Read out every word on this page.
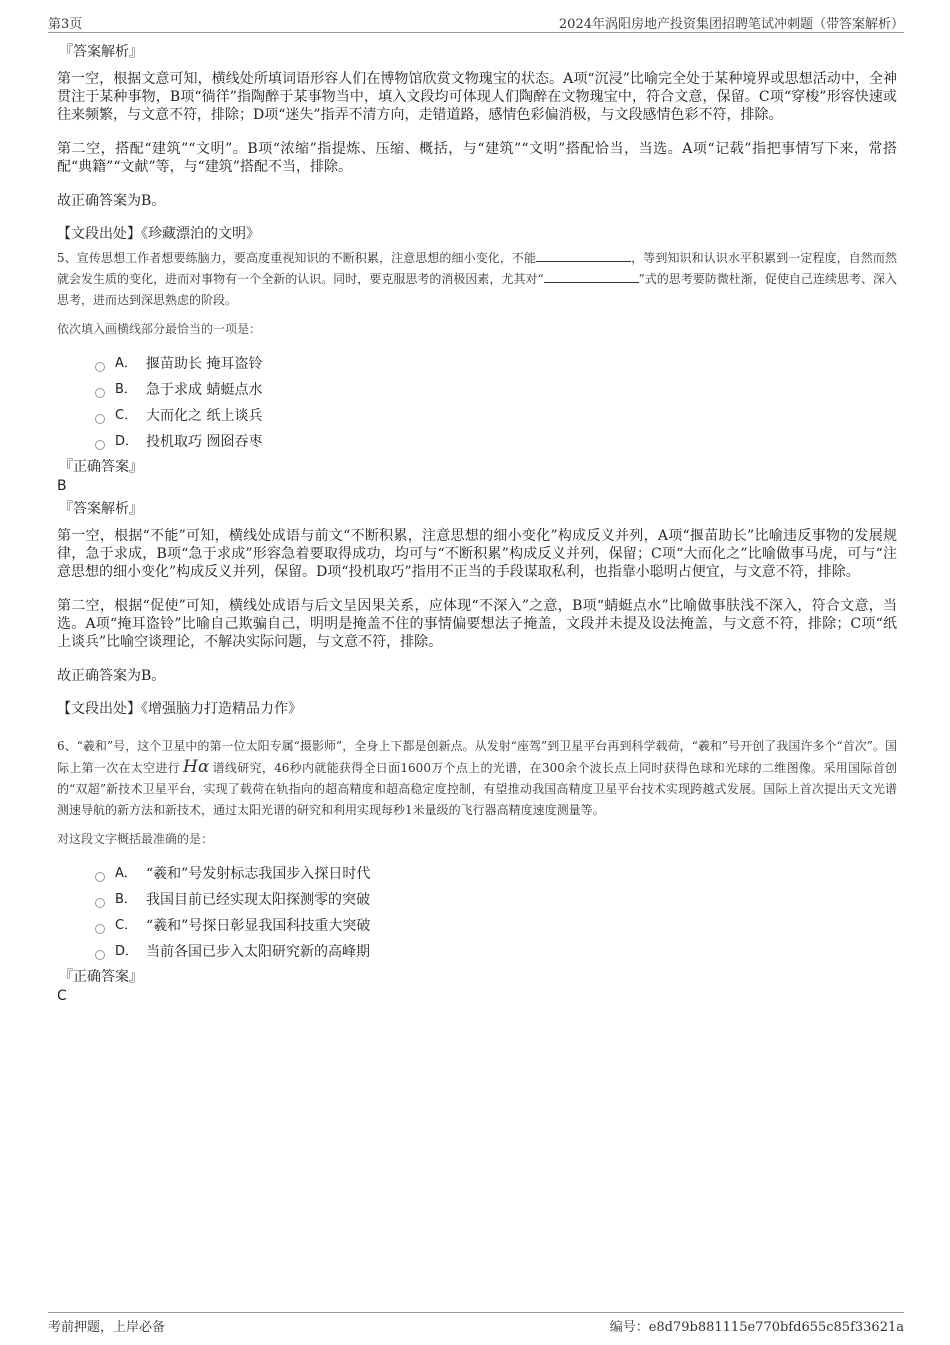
第3页	2024年涡阳房地产投资集团招聘笔试冲刺题（带答案解析）
『答案解析』
第一空，根据文意可知，横线处所填词语形容人们在博物馆欣赏文物瑰宝的状态。A项“沉浸”比喻完全处于某种境界或思想活动中，全神贯注于某种事物，B项“徜徉”指陶醉于某事物当中，填入文段均可体现人们陶醉在文物瑰宝中，符合文意，保留。C项“穿梭”形容快速或往来频繁，与文意不符，排除；D项“迷失”指弄不清方向，走错道路，感情色彩偏消极，与文段感情色彩不符，排除。
第二空，搭配“建筑”“文明”。B项“浓缩”指提炼、压缩、概括，与“建筑”“文明”搭配恰当，当选。A项“记载”指把事情写下来，常搭配“典籍”“文献”等，与“建筑”搭配不当，排除。
故正确答案为B。
【文段出处】《珍藏漂泊的文明》
5、宣传思想工作者想要练脑力，要高度重视知识的不断积累，注意思想的细小变化，不能	，等到知识和认识水平积累到一定程度，自然而然就会发生质的变化，进而对事物有一个全新的认识。同时，要克服思考的消极因素，尤其对“	”式的思考要防微杜渐，促使自己连续思考、深入思考，进而达到深思熟虑的阶段。
依次填入画横线部分最恰当的一项是：
A． 揠苗助长 掩耳盗铃
B． 急于求成 蜻蜓点水
C． 大而化之 纸上谈兵
D． 投机取巧 囫囵吞枣
『正确答案』
B
『答案解析』
第一空，根据“不能”可知，横线处成语与前文“不断积累，注意思想的细小变化”构成反义并列，A项“揠苗助长”比喻违反事物的发展规律，急于求成，B项“急于求成”形容急着要取得成功，均可与“不断积累”构成反义并列，保留；C项“大而化之”比喻做事马虎，可与“注意思想的细小变化”构成反义并列，保留。D项“投机取巧”指用不正当的手段谋取私利，也指靠小聪明占便宜，与文意不符，排除。
第二空，根据“促使”可知，横线处成语与后文呈因果关系，应体现“不深入”之意，B项“蜻蜓点水”比喻做事肤浅不深入，符合文意，当选。A项“掩耳盗铃”比喻自己欺骗自己，明明是掩盖不住的事情偏要想法子掩盖，文段并未提及设法掩盖，与文意不符，排除；C项“纸上谈兵”比喻空谈理论，不解决实际问题，与文意不符，排除。
故正确答案为B。
【文段出处】《增强脑力打造精品力作》
6、“羲和”号，这个卫星中的第一位太阳专属“摄影师”，全身上下都是创新点。从发射“座驾”到卫星平台再到科学载荷，“羲和”号开创了我国许多个“首次”。国际上第一次在太空进行 Hα 谱线研究，46秒内就能获得全日面1600万个点上的光谱，在300余个波长点上同时获得色球和光球的二维图像。采用国际首创的“双超”新技术卫星平台，实现了载荷在轨指向的超高精度和超高稳定度控制，有望推动我国高精度卫星平台技术实现跨越式发展。国际上首次提出天文光谱测速导航的新方法和新技术，通过太阳光谱的研究和利用实现每秒1米量级的飞行器高精度速度测量等。
对这段文字概括最准确的是：
A． “羲和”号发射标志我国步入探日时代
B． 我国目前已经实现太阳探测零的突破
C． “羲和”号探日彰显我国科技重大突破
D． 当前各国已步入太阳研究新的高峰期
『正确答案』
C
考前押题，上岸必备	编号：e8d79b881115e770bfd655c85f33621a
